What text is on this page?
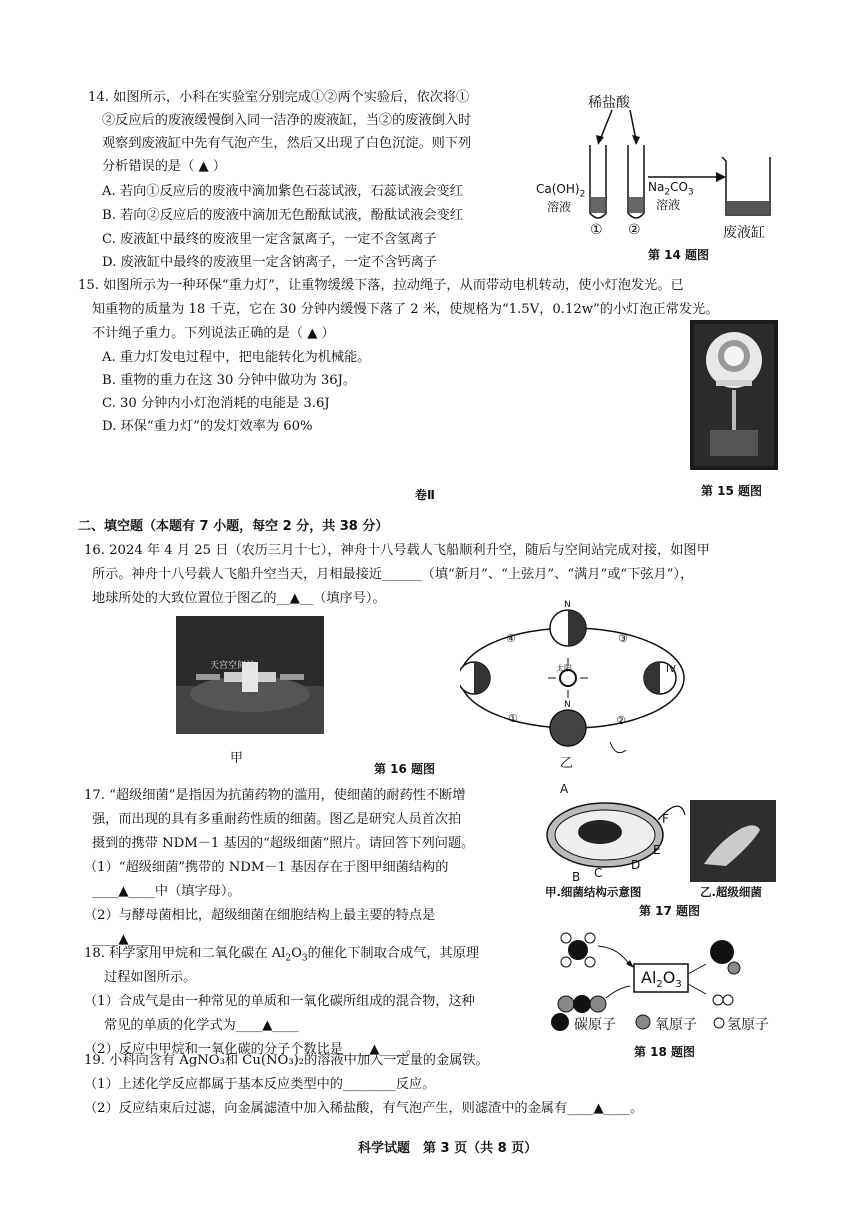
14. 如图所示，小科在实验室分别完成①②两个实验后，依次将①
②反应后的废液缓慢倒入同一洁净的废液缸，当②的废液倒入时
观察到废液缸中先有气泡产生，然后又出现了白色沉淀。则下列
分析错误的是（ ▲ ）
A. 若向①反应后的废液中滴加紫色石蕊试液，石蕊试液会变红
B. 若向②反应后的废液中滴加无色酚酞试液，酚酞试液会变红
C. 废液缸中最终的废液里一定含氯离子，一定不含氢离子
D. 废液缸中最终的废液里一定含钠离子，一定不含钙离子
稀盐酸
$Ca(OH)_2$
溶液
$Na_2CO_3$
溶液
① ②	废液缸
第 14 题图
15. 如图所示为一种环保“重力灯”，让重物缓缓下落，拉动绳子，从而带动电机转动，使小灯泡发光。已
知重物的质量为 18 千克，它在 30 分钟内缓慢下落了 2 米，使规格为“1.5V，0.12w”的小灯泡正常发光。
不计绳子重力。下列说法正确的是（ ▲ ）
A. 重力灯发电过程中，把电能转化为机械能。
B. 重物的重力在这 30 分钟中做功为 36J。
C. 30 分钟内小灯泡消耗的电能是 3.6J
D. 环保“重力灯”的发灯效率为 60%
第 15 题图
卷Ⅱ
二、填空题（本题有 7 小题，每空 2 分，共 38 分）
16. 2024 年 4 月 25 日（农历三月十七），神舟十八号载人飞船顺利升空，随后与空间站完成对接，如图甲
所示。神舟十八号载人飞船升空当天，月相最接近______（填“新月”、“上弦月”、“满月”或“下弦月”），
地球所处的大致位置位于图乙的__▲__（填序号）。
天宫空间站
甲
N
N
太阳
①	②
③
④
IV
乙
第 16 题图
17. “超级细菌”是指因为抗菌药物的滥用，使细菌的耐药性不断增
强，而出现的具有多重耐药性质的细菌。图乙是研究人员首次拍
摄到的携带 NDM－1 基因的“超级细菌”照片。请回答下列问题。
（1）“超级细菌”携带的 NDM－1 基因存在于图甲细菌结构的
____▲____中（填字母）。
（2）与酵母菌相比，超级细菌在细胞结构上最主要的特点是
____▲____
A
B C
D
E
F
甲.细菌结构示意图	乙.超级细菌
第 17 题图
18. 科学家用甲烷和二氧化碳在 $Al_2O_3$的催化下制取合成气，其原理
过程如图所示。
（1）合成气是由一种常见的单质和一氧化碳所组成的混合物，这种
常见的单质的化学式为____▲____
（2）反应中甲烷和一氧化碳的分子个数比是____▲____。
$Al_2O_3$
碳原子	氧原子 氢原子
第 18 题图
19. 小科向含有 AgNO₃和 Cu(NO₃)₂的溶液中加入一定量的金属铁。
（1）上述化学反应都属于基本反应类型中的________反应。
（2）反应结束后过滤，向金属滤渣中加入稀盐酸，有气泡产生，则滤渣中的金属有____▲____。
科学试题　第 3 页（共 8 页）
